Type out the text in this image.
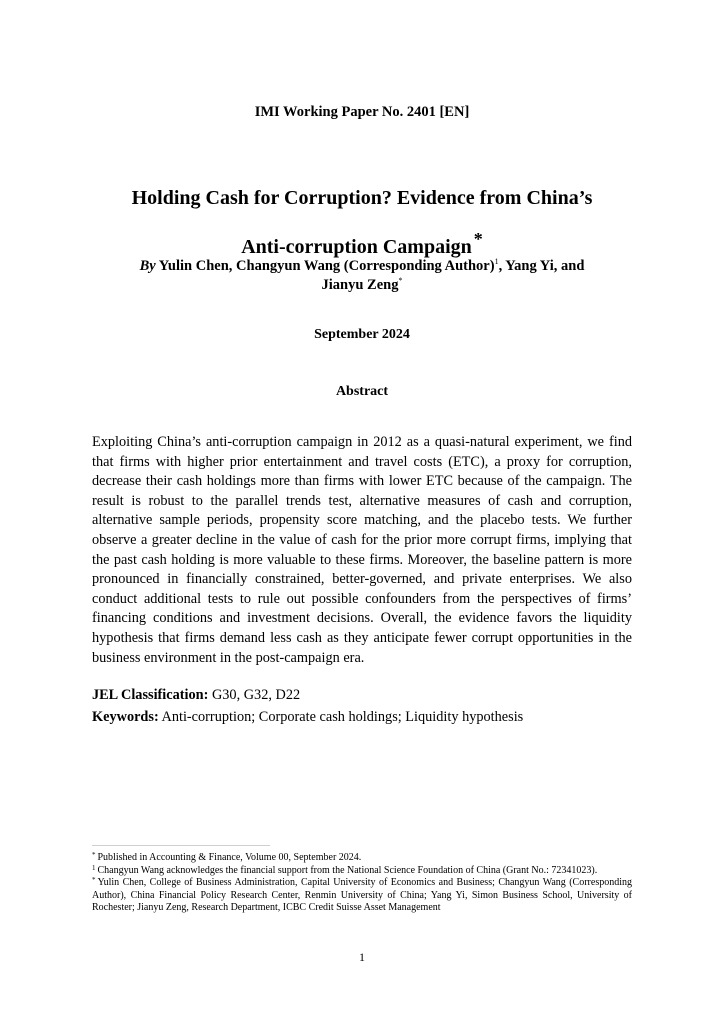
IMI Working Paper No. 2401 [EN]
Holding Cash for Corruption? Evidence from China’s
Anti-corruption Campaign *
By Yulin Chen, Changyun Wang (Corresponding Author)$^1$, Yang Yi, and
Jianyu Zeng*
September 2024
Abstract
Exploiting China’s anti-corruption campaign in 2012 as a quasi-natural experiment, we find that firms with higher prior entertainment and travel costs (ETC), a proxy for corruption, decrease their cash holdings more than firms with lower ETC because of the campaign. The result is robust to the parallel trends test, alternative measures of cash and corruption, alternative sample periods, propensity score matching, and the placebo tests. We further observe a greater decline in the value of cash for the prior more corrupt firms, implying that the past cash holding is more valuable to these firms. Moreover, the baseline pattern is more pronounced in financially constrained, better-governed, and private enterprises. We also conduct additional tests to rule out possible confounders from the perspectives of firms’ financing conditions and investment decisions. Overall, the evidence favors the liquidity hypothesis that firms demand less cash as they anticipate fewer corrupt opportunities in the business environment in the post-campaign era.
JEL Classification: G30, G32, D22
Keywords: Anti-corruption; Corporate cash holdings; Liquidity hypothesis

* Published in Accounting & Finance, Volume 00, September 2024.

$^1$ Changyun Wang acknowledges the financial support from the National Science Foundation of China (Grant No.: 72341023).

* Yulin Chen, College of Business Administration, Capital University of Economics and Business; Changyun Wang (Corresponding Author), China Financial Policy Research Center, Renmin University of China; Yang Yi, Simon Business School, University of Rochester; Jianyu Zeng, Research Department, ICBC Credit Suisse Asset Management

1
